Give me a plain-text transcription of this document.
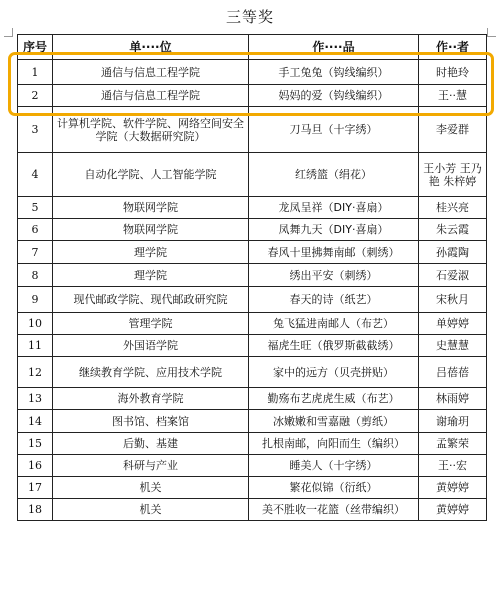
三等奖
序号	单····位	作····品	作··者
1	通信与信息工程学院	手工兔兔（钩线编织）	时艳玲
2	通信与信息工程学院	妈妈的爱（钩线编织）	王··慧
3	计算机学院、软件学院、网络空间安全学院（大数据研究院）	刀马旦（十字绣）	李爱群
4	自动化学院、人工智能学院	红绣篮（绢花）	王小芳 王乃艳 朱梓婷
5	物联网学院	龙凤呈祥（DIY·喜扇）	桂兴亮
6	物联网学院	凤舞九天（DIY·喜扇）	朱云霞
7	理学院	春风十里拂舞南邮（刺绣）	孙霞陶
8	理学院	绣出平安（刺绣）	石爱淑
9	现代邮政学院、现代邮政研究院	春天的诗（纸艺）	宋秋月
10	管理学院	兔飞猛进南邮人（布艺）	单婷婷
11	外国语学院	福虎生旺（俄罗斯截截绣）	史慧慧
12	继续教育学院、应用技术学院	家中的远方（贝壳拼贴）	吕蓓蓓
13	海外教育学院	勤殇布艺虎虎生威（布艺）	林雨婷
14	图书馆、档案馆	冰嫩嫩和雪嘉融（剪纸）	谢瑜玥
15	后勤、基建	扎根南邮，向阳而生（编织）	孟繁荣
16	科研与产业	睡美人（十字绣）	王··宏
17	机关	繁花似锦（衍纸）	黄婷婷
18	机关	美不胜收一花篮（丝带编织）	黄婷婷
